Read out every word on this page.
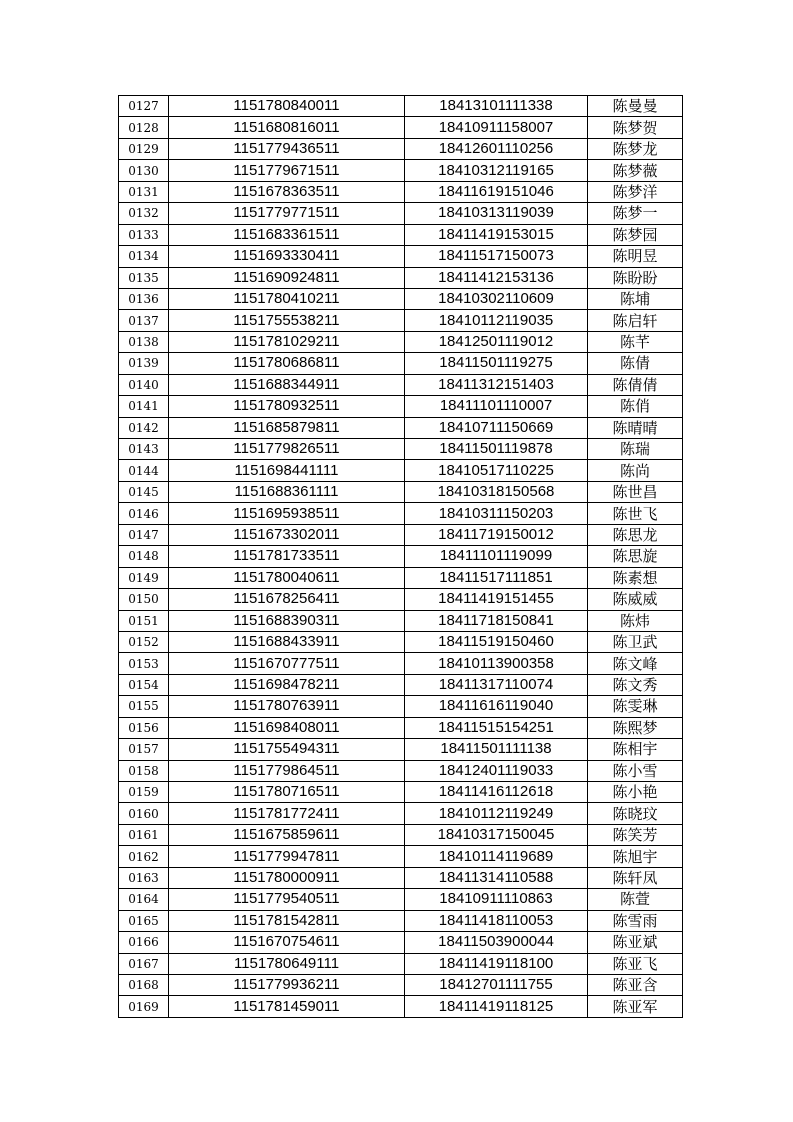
0127	1151780840011	18413101111338	陈曼曼
0128	1151680816011	18410911158007	陈梦贺
0129	1151779436511	18412601110256	陈梦龙
0130	1151779671511	18410312119165	陈梦薇
0131	1151678363511	18411619151046	陈梦洋
0132	1151779771511	18410313119039	陈梦一
0133	1151683361511	18411419153015	陈梦园
0134	1151693330411	18411517150073	陈明昱
0135	1151690924811	18411412153136	陈盼盼
0136	1151780410211	18410302110609	陈埔
0137	1151755538211	18410112119035	陈启轩
0138	1151781029211	18412501119012	陈芊
0139	1151780686811	18411501119275	陈倩
0140	1151688344911	18411312151403	陈倩倩
0141	1151780932511	18411101110007	陈俏
0142	1151685879811	18410711150669	陈晴晴
0143	1151779826511	18411501119878	陈瑞
0144	1151698441111	18410517110225	陈尚
0145	1151688361111	18410318150568	陈世昌
0146	1151695938511	18410311150203	陈世飞
0147	1151673302011	18411719150012	陈思龙
0148	1151781733511	18411101119099	陈思旋
0149	1151780040611	18411517111851	陈素想
0150	1151678256411	18411419151455	陈威威
0151	1151688390311	18411718150841	陈炜
0152	1151688433911	18411519150460	陈卫武
0153	1151670777511	18410113900358	陈文峰
0154	1151698478211	18411317110074	陈文秀
0155	1151780763911	18411616119040	陈雯琳
0156	1151698408011	18411515154251	陈熙梦
0157	1151755494311	18411501111138	陈相宇
0158	1151779864511	18412401119033	陈小雪
0159	1151780716511	18411416112618	陈小艳
0160	1151781772411	18410112119249	陈晓玟
0161	1151675859611	18410317150045	陈笑芳
0162	1151779947811	18410114119689	陈旭宇
0163	1151780000911	18411314110588	陈轩凤
0164	1151779540511	18410911110863	陈萱
0165	1151781542811	18411418110053	陈雪雨
0166	1151670754611	18411503900044	陈亚斌
0167	1151780649111	18411419118100	陈亚飞
0168	1151779936211	18412701111755	陈亚含
0169	1151781459011	18411419118125	陈亚军
